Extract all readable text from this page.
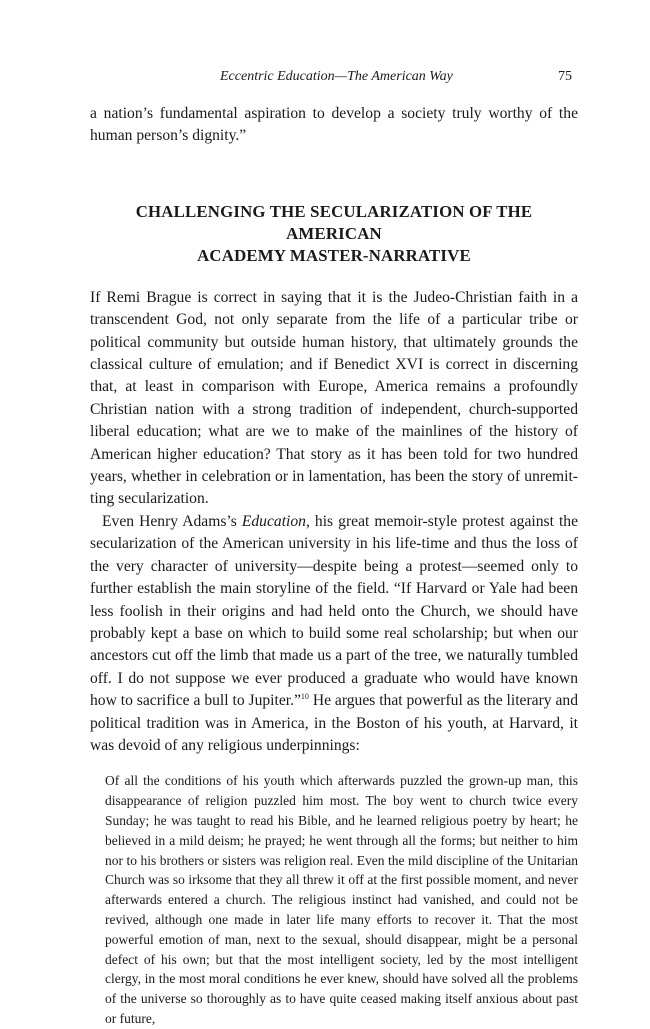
Eccentric Education—The American Way	75

a nation’s fundamental aspiration to develop a society truly worthy of the human person’s dignity.”

CHALLENGING THE SECULARIZATION OF THE AMERICAN
ACADEMY MASTER-NARRATIVE

If Remi Brague is correct in saying that it is the Judeo-Christian faith in a transcendent God, not only separate from the life of a particular tribe or political community but outside human history, that ultimately grounds the classical culture of emulation; and if Benedict XVI is correct in discerning that, at least in comparison with Europe, America remains a profoundly Christian nation with a strong tradition of independent, church-supported liberal education; what are we to make of the mainlines of the history of American higher education? That story as it has been told for two hundred years, whether in celebration or in lamentation, has been the story of unremit-ting secularization.

Even Henry Adams’s Education, his great memoir-style protest against the secularization of the American university in his life-time and thus the loss of the very character of university—despite being a protest—seemed only to further establish the main storyline of the field. “If Harvard or Yale had been less foolish in their origins and had held onto the Church, we should have probably kept a base on which to build some real scholarship; but when our ancestors cut off the limb that made us a part of the tree, we naturally tumbled off. I do not suppose we ever produced a graduate who would have known how to sacrifice a bull to Jupiter.”$^{10}$ He argues that powerful as the literary and political tradition was in America, in the Boston of his youth, at Harvard, it was devoid of any religious underpinnings:

Of all the conditions of his youth which afterwards puzzled the grown-up man, this disappearance of religion puzzled him most. The boy went to church twice every Sunday; he was taught to read his Bible, and he learned religious poetry by heart; he believed in a mild deism; he prayed; he went through all the forms; but neither to him nor to his brothers or sisters was religion real. Even the mild discipline of the Unitarian Church was so irksome that they all threw it off at the first possible moment, and never afterwards entered a church. The religious instinct had vanished, and could not be revived, although one made in later life many efforts to recover it. That the most powerful emotion of man, next to the sexual, should disappear, might be a personal defect of his own; but that the most intelligent society, led by the most intelligent clergy, in the most moral conditions he ever knew, should have solved all the problems of the universe so thoroughly as to have quite ceased making itself anxious about past or future,
